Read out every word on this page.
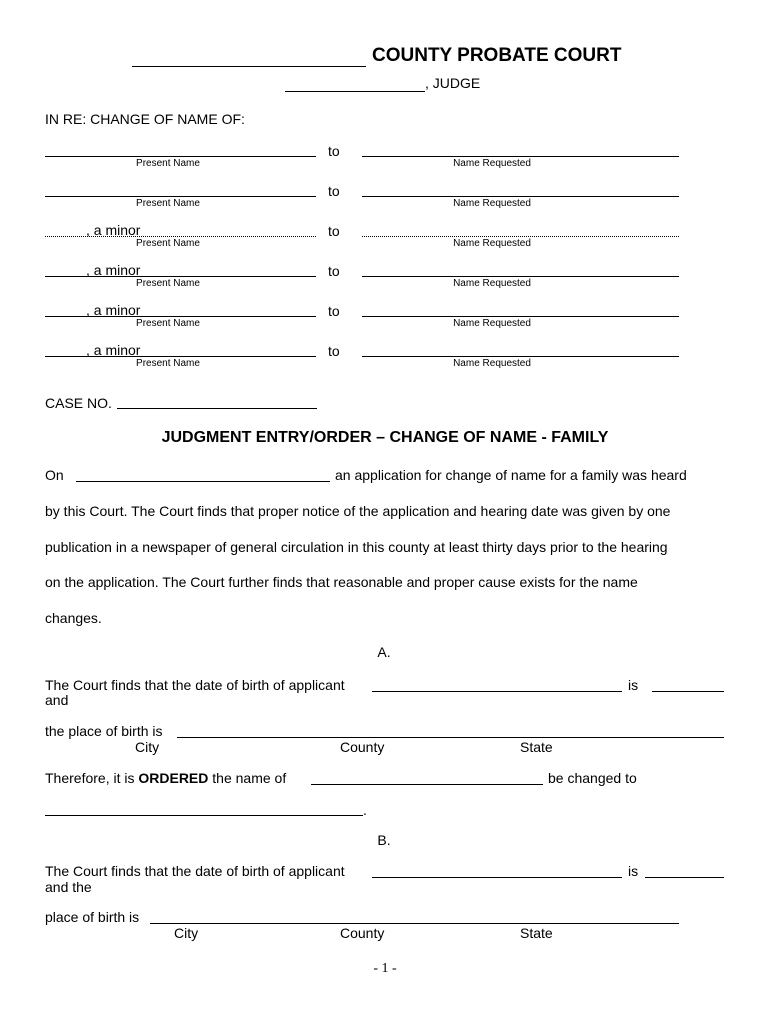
COUNTY PROBATE COURT
, JUDGE
IN RE: CHANGE OF NAME OF:
to
Present Name	Name Requested
to
Present Name	Name Requested
, a minor	to
Present Name	Name Requested
, a minor	to
Present Name	Name Requested
, a minor	to
Present Name	Name Requested
, a minor	to
Present Name	Name Requested
CASE NO.
JUDGMENT ENTRY/ORDER – CHANGE OF NAME - FAMILY
On	an application for change of name for a family was heard
by this Court. The Court finds that proper notice of the application and hearing date was given by one
publication in a newspaper of general circulation in this county at least thirty days prior to the hearing
on the application. The Court further finds that reasonable and proper cause exists for the name
changes.
A.
The Court finds that the date of birth of applicant	is
and
the place of birth is
City	County	State
Therefore, it is ORDERED the name of	be changed to
.
B.
The Court finds that the date of birth of applicant	is
and the
place of birth is
City	County	State
- 1 -
